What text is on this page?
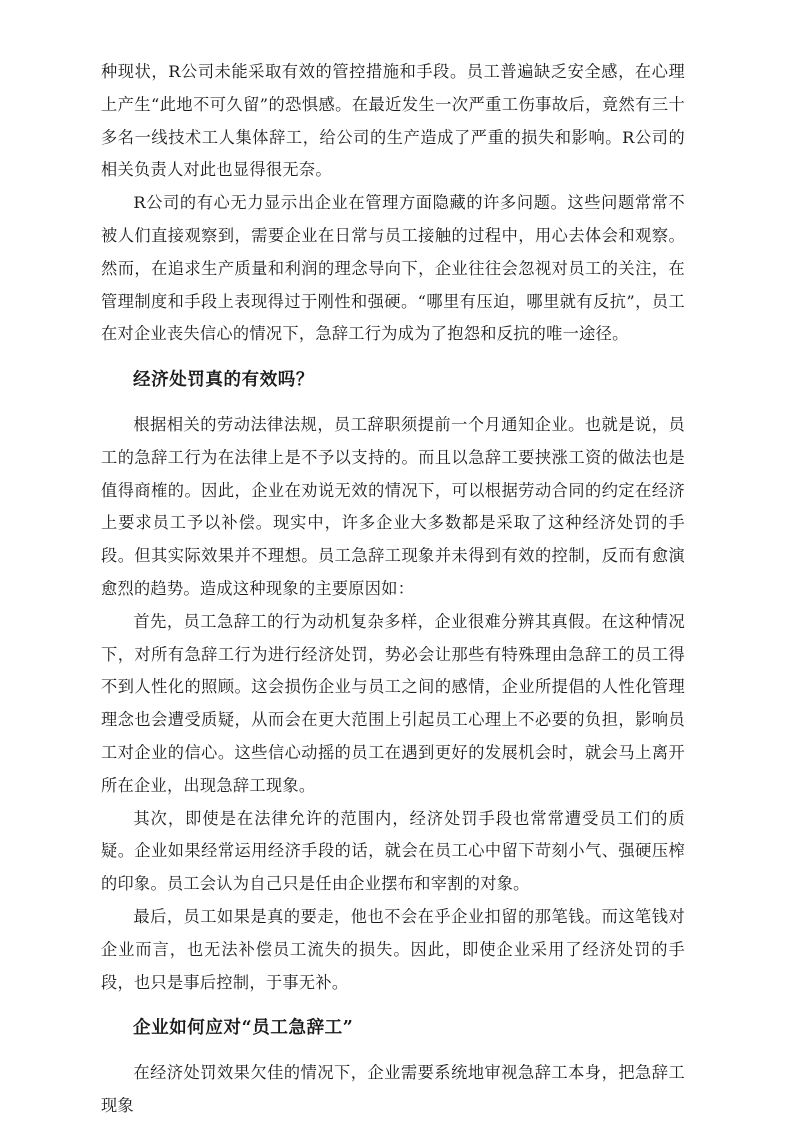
种现状，R公司未能采取有效的管控措施和手段。员工普遍缺乏安全感，在心理上产生“此地不可久留”的恐惧感。在最近发生一次严重工伤事故后，竟然有三十多名一线技术工人集体辞工，给公司的生产造成了严重的损失和影响。R公司的相关负责人对此也显得很无奈。

R公司的有心无力显示出企业在管理方面隐藏的许多问题。这些问题常常不被人们直接观察到，需要企业在日常与员工接触的过程中，用心去体会和观察。然而，在追求生产质量和利润的理念导向下，企业往往会忽视对员工的关注，在管理制度和手段上表现得过于刚性和强硬。“哪里有压迫，哪里就有反抗”，员工在对企业丧失信心的情况下，急辞工行为成为了抱怨和反抗的唯一途径。

经济处罚真的有效吗？

根据相关的劳动法律法规，员工辞职须提前一个月通知企业。也就是说，员工的急辞工行为在法律上是不予以支持的。而且以急辞工要挟涨工资的做法也是值得商榷的。因此，企业在劝说无效的情况下，可以根据劳动合同的约定在经济上要求员工予以补偿。现实中，许多企业大多数都是采取了这种经济处罚的手段。但其实际效果并不理想。员工急辞工现象并未得到有效的控制，反而有愈演愈烈的趋势。造成这种现象的主要原因如：

首先，员工急辞工的行为动机复杂多样，企业很难分辨其真假。在这种情况下，对所有急辞工行为进行经济处罚，势必会让那些有特殊理由急辞工的员工得不到人性化的照顾。这会损伤企业与员工之间的感情，企业所提倡的人性化管理理念也会遭受质疑，从而会在更大范围上引起员工心理上不必要的负担，影响员工对企业的信心。这些信心动摇的员工在遇到更好的发展机会时，就会马上离开所在企业，出现急辞工现象。

其次，即使是在法律允许的范围内，经济处罚手段也常常遭受员工们的质疑。企业如果经常运用经济手段的话，就会在员工心中留下苛刻小气、强硬压榨的印象。员工会认为自己只是任由企业摆布和宰割的对象。

最后，员工如果是真的要走，他也不会在乎企业扣留的那笔钱。而这笔钱对企业而言，也无法补偿员工流失的损失。因此，即使企业采用了经济处罚的手段，也只是事后控制，于事无补。

企业如何应对“员工急辞工”

在经济处罚效果欠佳的情况下，企业需要系统地审视急辞工本身，把急辞工现象
